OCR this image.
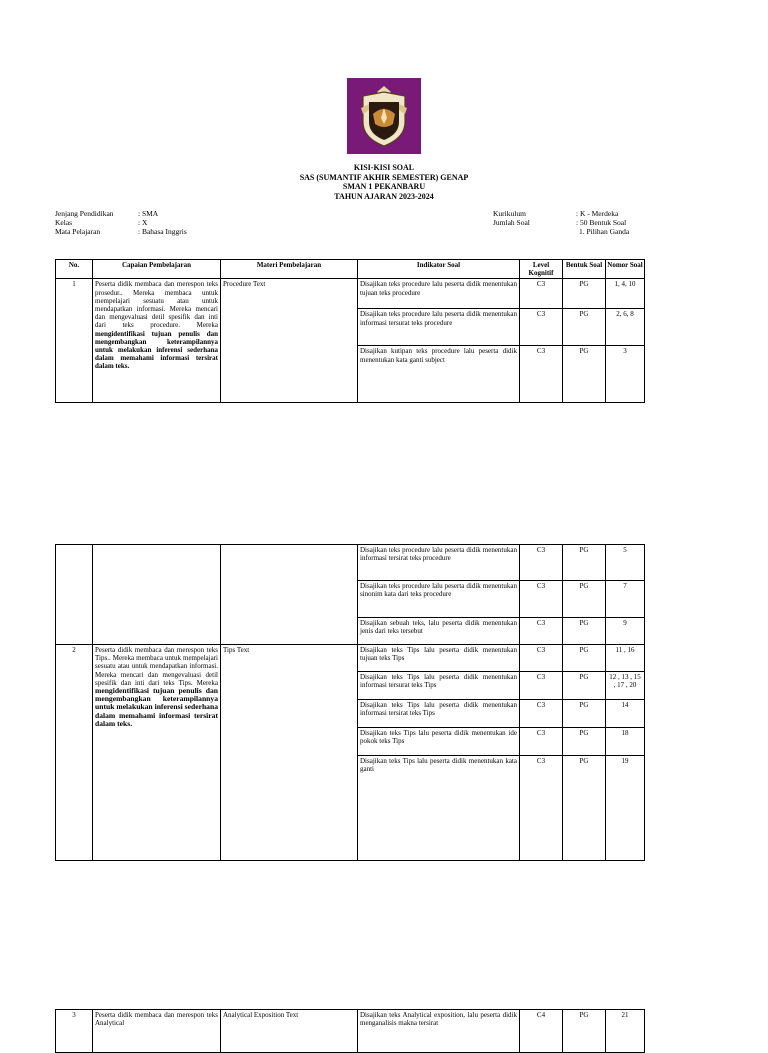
KISI-KISI SOAL
SAS (SUMANTIF AKHIR SEMESTER) GENAP
SMAN 1 PEKANBARU
TAHUN AJARAN 2023-2024
Jenjang Pendidikan	: SMA
Kelas	: X
Mata Pelajaran	: Bahasa Inggris
Kurikulum	: K - Merdeka
Jumlah Soal	: 50 Bentuk Soal
1. Pilihan Ganda
No.	Capaian Pembelajaran	Materi Pembelajaran	Indikator Soal	Level Kognitif	Bentuk Soal	Nomor Soal
1	Peserta didik membaca dan merespon teks prosedur.. Mereka membaca untuk mempelajari sesuatu atau untuk mendapatkan informasi. Mereka mencari dan mengevaluasi detil spesifik dan inti dari teks procedure. Mereka mengidentifikasi tujuan penulis dan mengembangkan keterampilannya untuk melakukan inferensi sederhana dalam memahami informasi tersirat dalam teks.	Procedure Text	Disajikan teks procedure lalu peserta didik menentukan tujuan teks procedure	C3	PG	1, 4, 10
			Disajikan teks procedure lalu peserta didik menentukan informasi tersurat teks procedure	C3	PG	2, 6, 8
			Disajikan kutipan teks procedure lalu peserta didik menentukan kata ganti subject	C3	PG	3
			Disajikan teks procedure lalu peserta didik menentukan informasi tersirat teks procedure	C3	PG	5
			Disajikan teks procedure lalu peserta didik menentukan sinonim kata dari teks procedure	C3	PG	7
			Disajikan sebuah teks, lalu peserta didik menentukan jenis dari teks tersebut	C3	PG	9
2	Peserta didik membaca dan merespon teks Tips.. Mereka membaca untuk mempelajari sesuatu atau untuk mendapatkan informasi. Mereka mencari dan mengevaluasi detil spesifik dan inti dari teks Tips. Mereka mengidentifikasi tujuan penulis dan mengembangkan keterampilannya untuk melakukan inferensi sederhana dalam memahami informasi tersirat dalam teks.	Tips Text	Disajikan teks Tips lalu peserta didik menentukan tujuan teks Tips	C3	PG	11 , 16
			Disajikan teks Tips lalu peserta didik menentukan informasi tersurat teks Tips	C3	PG	12 , 13 , 15 , 17 , 20
			Disajikan teks Tips lalu peserta didik menentukan informasi tersirat teks Tips	C3	PG	14
			Disajikan teks Tips lalu peserta didik menentukan ide pokok teks Tips	C3	PG	18
			Disajikan teks Tips lalu peserta didik menentukan kata ganti	C3	PG	19
3	Peserta didik membaca dan merespon teks Analytical	Analytical Exposition Text	Disajikan teks Analytical exposition, lalu peserta didik menganalisis makna tersirat	C4	PG	21
